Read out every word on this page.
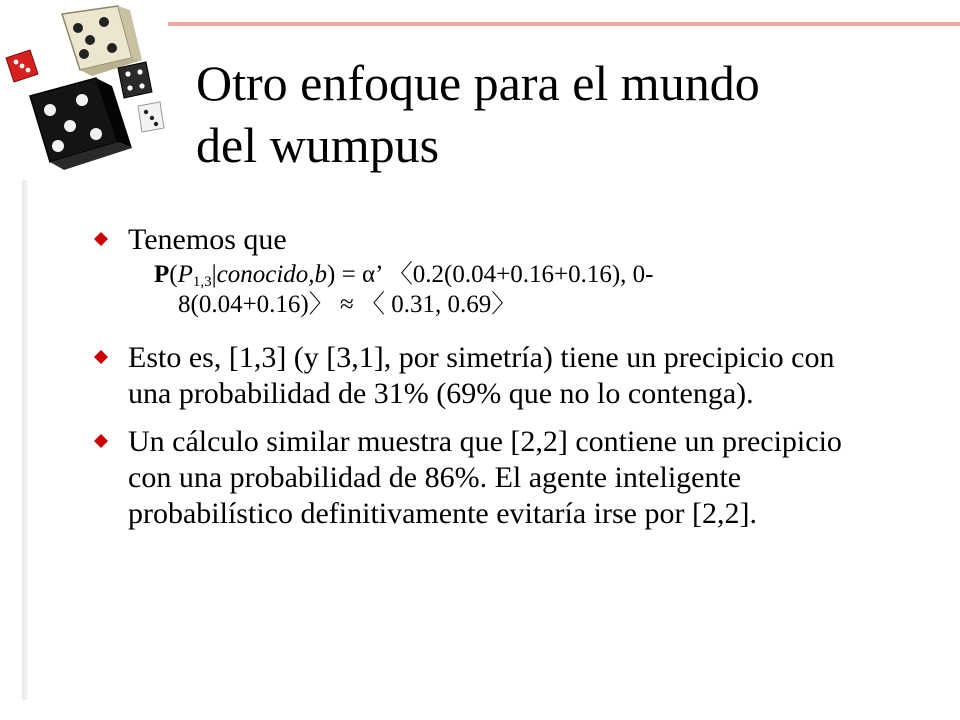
Otro enfoque para el mundo
del wumpus
Tenemos que
$P(P_{1,3}|conocido,b) = \alpha$’ 〈0.2(0.04+0.16+0.16), 0-
8(0.04+0.16)〉 ≈ 〈 0.31, 0.69〉
Esto es, [1,3] (y [3,1], por simetría) tiene un precipicio con una probabilidad de 31% (69% que no lo contenga).
Un cálculo similar muestra que [2,2] contiene un precipicio con una probabilidad de 86%. El agente inteligente probabilístico definitivamente evitaría irse por [2,2].
